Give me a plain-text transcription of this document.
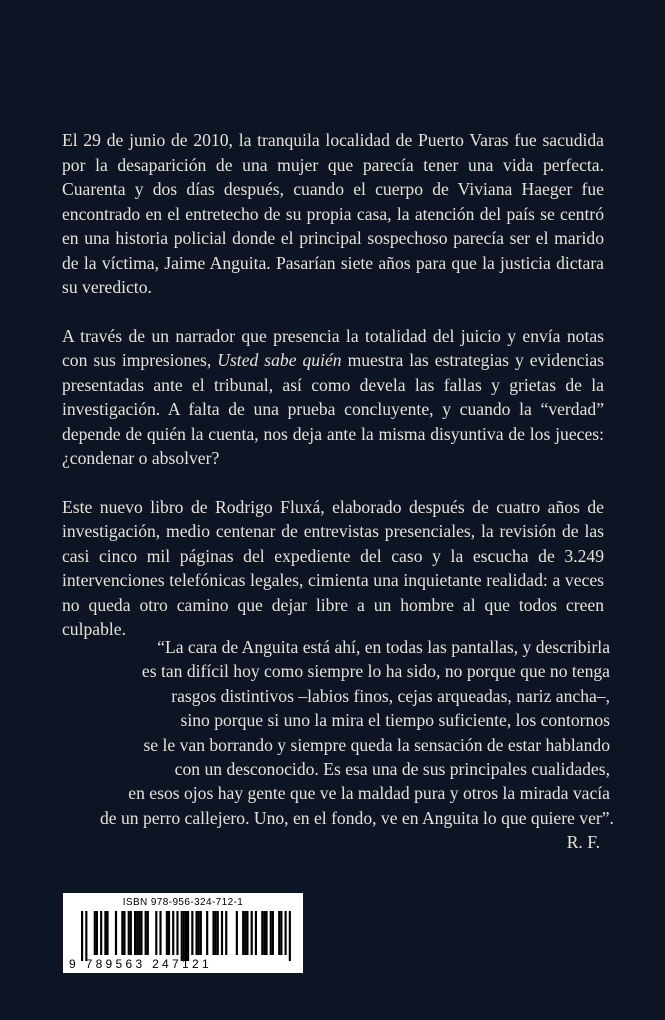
El 29 de junio de 2010, la tranquila localidad de Puerto Varas fue sacudida por la desaparición de una mujer que parecía tener una vida perfecta. Cuarenta y dos días después, cuando el cuerpo de Viviana Haeger fue encontrado en el entretecho de su propia casa, la atención del país se centró en una historia policial donde el principal sospechoso parecía ser el marido de la víctima, Jaime Anguita. Pasarían siete años para que la justicia dictara su veredicto.

A través de un narrador que presencia la totalidad del juicio y envía notas con sus impresiones, Usted sabe quién muestra las estrategias y evidencias presentadas ante el tribunal, así como devela las fallas y grietas de la investigación. A falta de una prueba concluyente, y cuando la “verdad” depende de quién la cuenta, nos deja ante la misma disyuntiva de los jueces: ¿condenar o absolver?

Este nuevo libro de Rodrigo Fluxá, elaborado después de cuatro años de investigación, medio centenar de entrevistas presenciales, la revisión de las casi cinco mil páginas del expediente del caso y la escucha de 3.249 intervenciones telefónicas legales, cimienta una inquietante realidad: a veces no queda otro camino que dejar libre a un hombre al que todos creen culpable.

“La cara de Anguita está ahí, en todas las pantallas, y describirla
es tan difícil hoy como siempre lo ha sido, no porque que no tenga
rasgos distintivos –labios finos, cejas arqueadas, nariz ancha–,
sino porque si uno la mira el tiempo suficiente, los contornos
se le van borrando y siempre queda la sensación de estar hablando
con un desconocido. Es esa una de sus principales cualidades,
en esos ojos hay gente que ve la maldad pura y otros la mirada vacía
de un perro callejero. Uno, en el fondo, ve en Anguita lo que quiere ver”.
R. F.
ISBN 978-956-324-712-1
9 789563 247121
